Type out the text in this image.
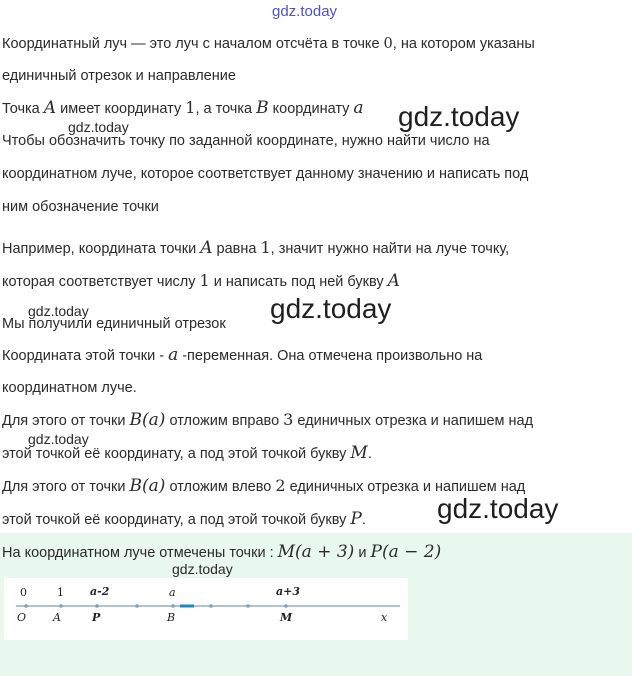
gdz.today
Координатный луч — это луч с началом отсчёта в точке 0, на котором указаны
единичный отрезок и направление
Точка A имеет координату 1, а точка B координату a
Чтобы обозначить точку по заданной координате, нужно найти число на
координатном луче, которое соответствует данному значению и написать под
ним обозначение точки
Например, координата точки A равна 1, значит нужно найти на луче точку,
которая соответствует числу 1 и написать под ней букву A
Мы получили единичный отрезок
Координата этой точки - a -переменная. Она отмечена произвольно на
координатном луче.
Для этого от точки B(a) отложим вправо 3 единичных отрезка и напишем над
этой точкой её координату, а под этой точкой букву M.
Для этого от точки B(a) отложим влево 2 единичных отрезка и напишем над
этой точкой её координату, а под этой точкой букву P.
На координатном луче отмечены точки : M(a + 3) и P(a − 2)
0	1 a-2	a	a+3
O A	P	B	M	x
gdz.today
gdz.today
gdz.today
gdz.today
gdz.today
gdz.today
gdz.today
